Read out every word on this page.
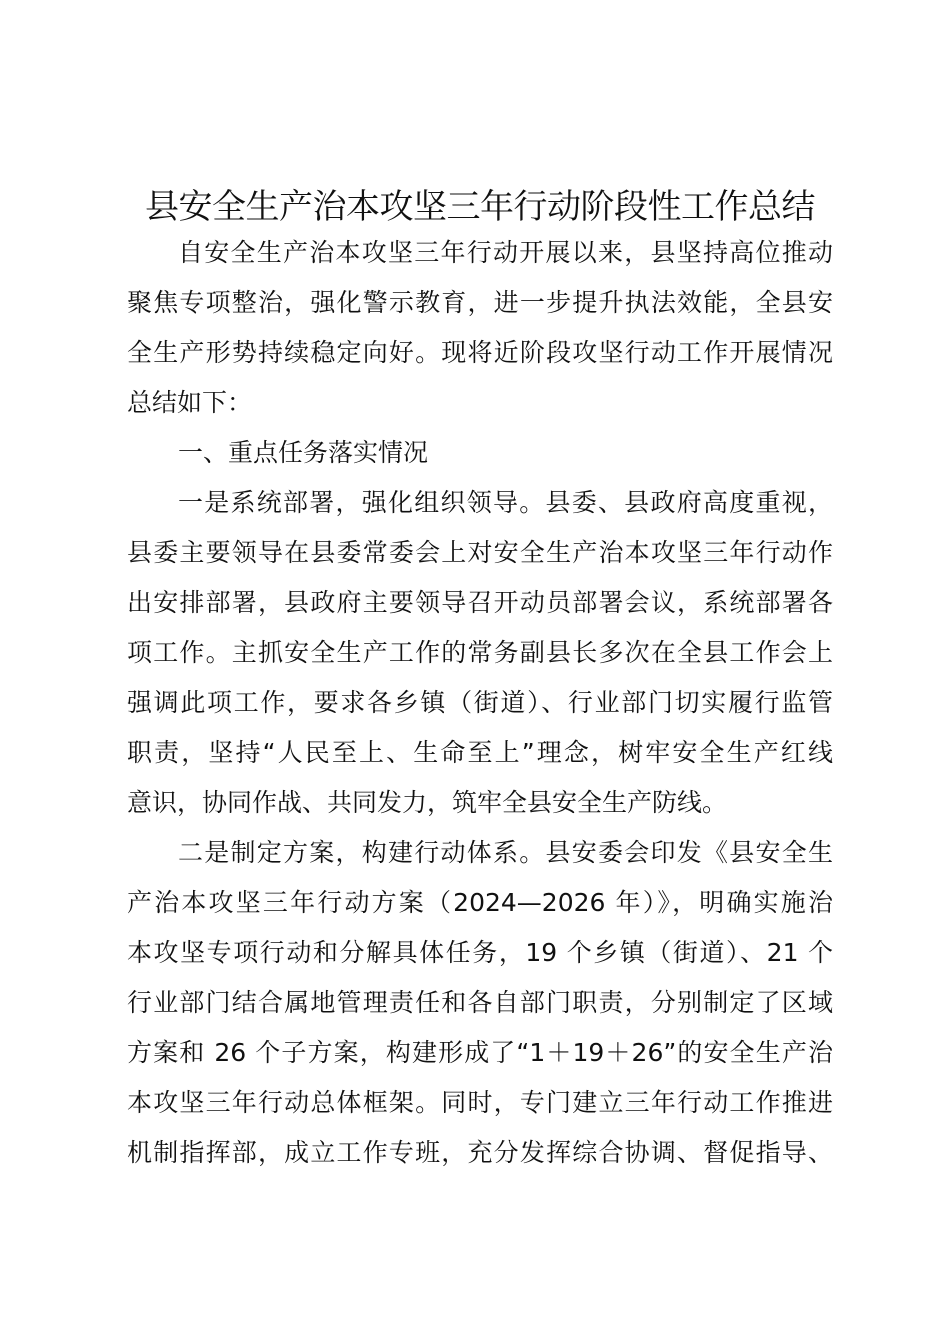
县安全生产治本攻坚三年行动阶段性工作总结
自安全生产治本攻坚三年行动开展以来，县坚持高位推动
聚焦专项整治，强化警示教育，进一步提升执法效能，全县安
全生产形势持续稳定向好。现将近阶段攻坚行动工作开展情况
总结如下：
一、重点任务落实情况
一是系统部署，强化组织领导。县委、县政府高度重视，
县委主要领导在县委常委会上对安全生产治本攻坚三年行动作
出安排部署，县政府主要领导召开动员部署会议，系统部署各
项工作。主抓安全生产工作的常务副县长多次在全县工作会上
强调此项工作，要求各乡镇（街道）、行业部门切实履行监管
职责，坚持“人民至上、生命至上”理念，树牢安全生产红线
意识，协同作战、共同发力，筑牢全县安全生产防线。
二是制定方案，构建行动体系。县安委会印发《县安全生
产治本攻坚三年行动方案（2024—2026 年）》，明确实施治
本攻坚专项行动和分解具体任务，19 个乡镇（街道）、21 个
行业部门结合属地管理责任和各自部门职责，分别制定了区域
方案和 26 个子方案，构建形成了“1＋19＋26”的安全生产治
本攻坚三年行动总体框架。同时，专门建立三年行动工作推进
机制指挥部，成立工作专班，充分发挥综合协调、督促指导、
